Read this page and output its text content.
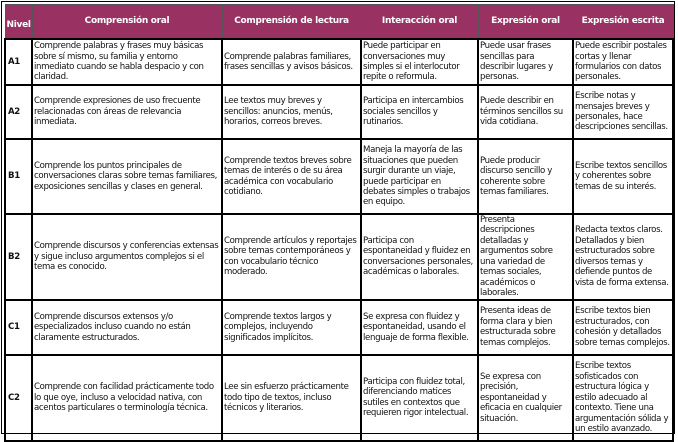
Nivel	Comprensión oral	Comprensión de lectura	Interacción oral	Expresión oral	Expresión escrita
A1	Comprende palabras y frases muy básicas sobre sí mismo, su familia y entorno inmediato cuando se habla despacio y con claridad.	Comprende palabras familiares, frases sencillas y avisos básicos.	Puede participar en conversaciones muy simples si el interlocutor repite o reformula.	Puede usar frases sencillas para describir lugares y personas.	Puede escribir postales cortas y llenar formularios con datos personales.
A2	Comprende expresiones de uso frecuente relacionadas con áreas de relevancia inmediata.	Lee textos muy breves y sencillos: anuncios, menús, horarios, correos breves.	Participa en intercambios sociales sencillos y rutinarios.	Puede describir en términos sencillos su vida cotidiana.	Escribe notas y mensajes breves y personales, hace descripciones sencillas.
B1	Comprende los puntos principales de conversaciones claras sobre temas familiares, exposiciones sencillas y clases en general.	Comprende textos breves sobre temas de interés o de su área académica con vocabulario cotidiano.	Maneja la mayoría de las situaciones que pueden surgir durante un viaje, puede participar en debates simples o trabajos en equipo.	Puede producir discurso sencillo y coherente sobre temas familiares.	Escribe textos sencillos y coherentes sobre temas de su interés.
B2	Comprende discursos y conferencias extensas y sigue incluso argumentos complejos si el tema es conocido.	Comprende artículos y reportajes sobre temas contemporáneos y con vocabulario técnico moderado.	Participa con espontaneidad y fluidez en conversaciones personales, académicas o laborales.	Presenta descripciones detalladas y argumentos sobre una variedad de temas sociales, académicos o laborales.	Redacta textos claros. Detallados y bien estructurados sobre diversos temas y defiende puntos de vista de forma extensa.
C1	Comprende discursos extensos y/o especializados incluso cuando no están claramente estructurados.	Comprende textos largos y complejos, incluyendo significados implícitos.	Se expresa con fluidez y espontaneidad, usando el lenguaje de forma flexible.	Presenta ideas de forma clara y bien estructurada sobre temas complejos.	Escribe textos bien estructurados, con cohesión y detallados sobre temas complejos.
C2	Comprende con facilidad prácticamente todo lo que oye, incluso a velocidad nativa, con acentos particulares o terminología técnica.	Lee sin esfuerzo prácticamente todo tipo de textos, incluso técnicos y literarios.	Participa con fluidez total, diferenciando matices sutiles en contextos que requieren rigor intelectual.	Se expresa con precisión, espontaneidad y eficacia en cualquier situación.	Escribe textos sofisticados con estructura lógica y estilo adecuado al contexto. Tiene una argumentación sólida y un estilo avanzado.
